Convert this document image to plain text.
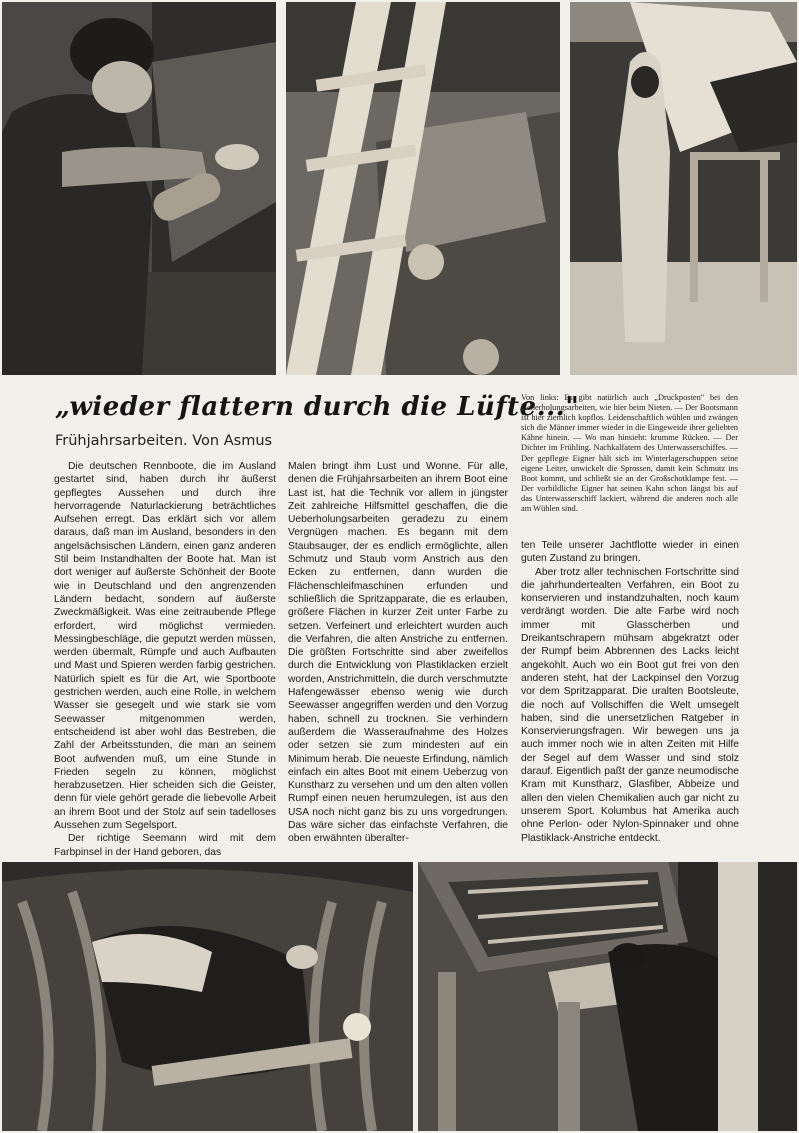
„wieder flattern durch die Lüfte..."
Frühjahrsarbeiten. Von Asmus
Von links: Es gibt natürlich auch „Druckposten" bei den Ueberholungsarbeiten, wie hier beim Nieten. — Der Bootsmann ist hier ziemlich kopflos. Leidenschaftlich wühlen und zwängen sich die Männer immer wieder in die Eingeweide ihrer geliebten Kähne hinein. — Wo man hinsieht: krumme Rücken. — Der Dichter im Frühling. Nachkalfatern des Unterwasserschiffes. — Der gepflegte Eigner hält sich im Winterlagerschuppen seine eigene Leiter, unwickelt die Sprossen, damit kein Schmutz ins Boot kommt, und schließt sie an der Großschotklampe fest. — Der vorbildliche Eigner hat seinen Kahn schon längst bis auf das Unterwasserschiff lackiert, während die anderen noch alle am Wühlen sind.

Die deutschen Rennboote, die im Ausland gestartet sind, haben durch ihr äußerst gepflegtes Aussehen und durch ihre hervorragende Naturlackierung beträchtliches Aufsehen erregt. Das erklärt sich vor allem daraus, daß man im Ausland, besonders in den angelsächsischen Ländern, einen ganz anderen Stil beim Instandhalten der Boote hat. Man ist dort weniger auf äußerste Schönheit der Boote wie in Deutschland und den angrenzenden Ländern bedacht, sondern auf äußerste Zweckmäßigkeit. Was eine zeitraubende Pflege erfordert, wird möglichst vermieden. Messingbeschläge, die geputzt werden müssen, werden übermalt, Rümpfe und auch Aufbauten und Mast und Spieren werden farbig gestrichen. Natürlich spielt es für die Art, wie Sportboote gestrichen werden, auch eine Rolle, in welchem Wasser sie gesegelt und wie stark sie vom Seewasser mitgenommen werden, entscheidend ist aber wohl das Bestreben, die Zahl der Arbeitsstunden, die man an seinem Boot aufwenden muß, um eine Stunde in Frieden segeln zu können, möglichst herabzusetzen. Hier scheiden sich die Geister, denn für viele gehört gerade die liebevolle Arbeit an ihrem Boot und der Stolz auf sein tadelloses Aussehen zum Segelsport.

Der richtige Seemann wird mit dem Farbpinsel in der Hand geboren, das

Malen bringt ihm Lust und Wonne. Für alle, denen die Frühjahrsarbeiten an ihrem Boot eine Last ist, hat die Technik vor allem in jüngster Zeit zahlreiche Hilfsmittel geschaffen, die die Ueberholungsarbeiten geradezu zu einem Vergnügen machen. Es begann mit dem Staubsauger, der es endlich ermöglichte, allen Schmutz und Staub vorm Anstrich aus den Ecken zu entfernen, dann wurden die Flächenschleifmaschinen erfunden und schließlich die Spritzapparate, die es erlauben, größere Flächen in kurzer Zeit unter Farbe zu setzen. Verfeinert und erleichtert wurden auch die Verfahren, die alten Anstriche zu entfernen. Die größten Fortschritte sind aber zweifellos durch die Entwicklung von Plastiklacken erzielt worden, Anstrichmitteln, die durch verschmutzte Hafengewässer ebenso wenig wie durch Seewasser angegriffen werden und den Vorzug haben, schnell zu trocknen. Sie verhindern außerdem die Wasseraufnahme des Holzes oder setzen sie zum mindesten auf ein Minimum herab. Die neueste Erfindung, nämlich einfach ein altes Boot mit einem Ueberzug von Kunstharz zu versehen und um den alten vollen Rumpf einen neuen herumzulegen, ist aus den USA noch nicht ganz bis zu uns vorgedrungen. Das wäre sicher das einfachste Verfahren, die oben erwähnten überalter-

ten Teile unserer Jachtflotte wieder in einen guten Zustand zu bringen.

Aber trotz aller technischen Fortschritte sind die jahrhundertealten Verfahren, ein Boot zu konservieren und instandzuhalten, noch kaum verdrängt worden. Die alte Farbe wird noch immer mit Glasscherben und Dreikantschrapern mühsam abgekratzt oder der Rumpf beim Abbrennen des Lacks leicht angekohlt. Auch wo ein Boot gut frei von den anderen steht, hat der Lackpinsel den Vorzug vor dem Spritzapparat. Die uralten Bootsleute, die noch auf Vollschiffen die Welt umsegelt haben, sind die unersetzlichen Ratgeber in Konservierungsfragen. Wir bewegen uns ja auch immer noch wie in alten Zeiten mit Hilfe der Segel auf dem Wasser und sind stolz darauf. Eigentlich paßt der ganze neumodische Kram mit Kunstharz, Glasfiber, Abbeize und allen den vielen Chemikalien auch gar nicht zu unserem Sport. Kolumbus hat Amerika auch ohne Perlon- oder Nylon-Spinnaker und ohne Plastiklack-Anstriche entdeckt.
